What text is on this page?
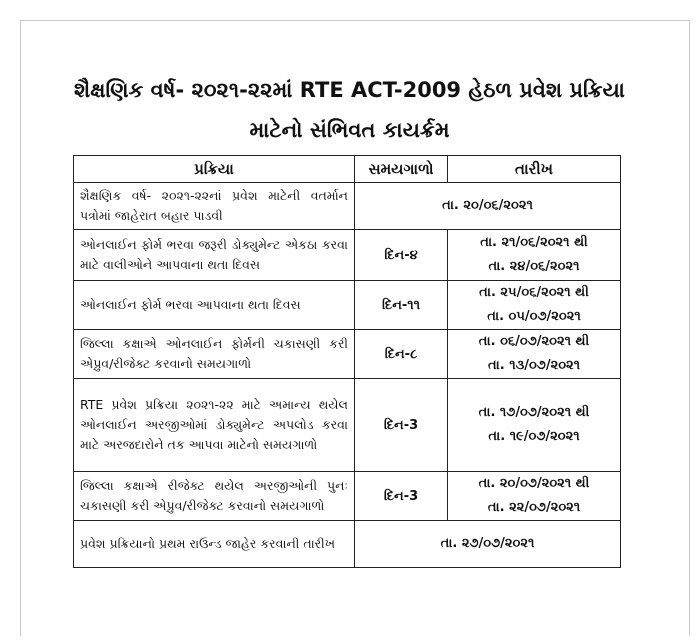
શૈક્ષણિક વર્ષ- ૨૦૨૧-૨૨માં RTE ACT-2009 હેઠળ પ્રવેશ પ્રક્રિયા
માટેનો સંભિવત કાયર્ક્રમ
પ્રક્રિયા	સમયગાળો	તારીખ
શૈક્ષણિક વર્ષ- ૨૦૨૧-૨૨નાં પ્રવેશ માટેની વતર્માન પત્રોમાં જાહેરાત બહાર પાડવી	તા. ૨૦/૦૬/૨૦૨૧	

ઓનલાઈન ફોર્મ ભરવા જરૂરી ડોક્યુમેન્ટ એકઠા કરવા માટે વાલીઓને આપવાના થતા દિવસ	દિન-૪	તા. ૨૧/૦૬/૨૦૨૧ થી
તા. ૨૪/૦૬/૨૦૨૧

ઓનલાઈન ફોર્મ ભરવા આપવાના થતા દિવસ	દિન-૧૧	તા. ૨૫/૦૬/૨૦૨૧ થી
તા. ૦૫/૦૭/૨૦૨૧

જિલ્લા કક્ષાએ ઓનલાઈન ફોર્મની ચકાસણી કરી એપ્રુવ/રીજેક્ટ કરવાનો સમયગાળો	દિન-૮	તા. ૦૬/૦૭/૨૦૨૧ થી
તા. ૧૩/૦૭/૨૦૨૧

RTE પ્રવેશ પ્રક્રિયા ૨૦૨૧-૨૨ માટે અમાન્ય થયેલ ઓનલાઈન અરજીઓમાં ડોક્યુમેન્ટ અપલોડ કરવા માટે અરજદારોને તક આપવા માટેનો સમયગાળો	દિન-3	તા. ૧૭/૦૭/૨૦૨૧ થી
તા. ૧૯/૦૭/૨૦૨૧

જિલ્લા કક્ષાએ રીજેક્ટ થયેલ અરજીઓની પુનઃ ચકાસણી કરી એપ્રુવ/રીજેક્ટ કરવાનો સમયગાળો	દિન-3	તા. ૨૦/૦૭/૨૦૨૧ થી
તા. ૨૨/૦૭/૨૦૨૧

પ્રવેશ પ્રક્રિયાનો પ્રથમ રાઉન્ડ જાહેર કરવાની તારીખ	તા. ૨૭/૦૭/૨૦૨૧	
